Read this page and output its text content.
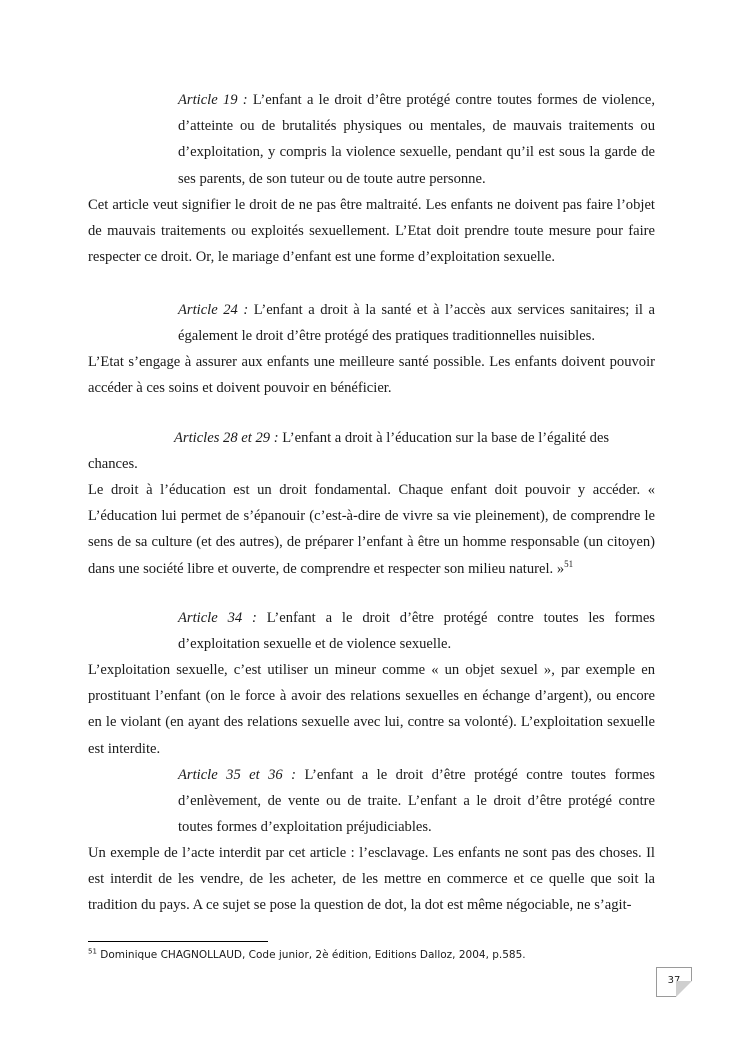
Article 19 : L’enfant a le droit d’être protégé contre toutes formes de violence, d’atteinte ou de brutalités physiques ou mentales, de mauvais traitements ou d’exploitation, y compris la violence sexuelle, pendant qu’il est sous la garde de ses parents, de son tuteur ou de toute autre personne.

Cet article veut signifier le droit de ne pas être maltraité. Les enfants ne doivent pas faire l’objet de mauvais traitements ou exploités sexuellement. L’Etat doit prendre toute mesure pour faire respecter ce droit. Or, le mariage d’enfant est une forme d’exploitation sexuelle.

Article 24 : L’enfant a droit à la santé et à l’accès aux services sanitaires; il a également le droit d’être protégé des pratiques traditionnelles nuisibles.

L’Etat s’engage à assurer aux enfants une meilleure santé possible. Les enfants doivent pouvoir accéder à ces soins et doivent pouvoir en bénéficier.

Articles 28 et 29 : L’enfant a droit à l’éducation sur la base de l’égalité des

chances.

Le droit à l’éducation est un droit fondamental. Chaque enfant doit pouvoir y accéder. « L’éducation lui permet de s’épanouir (c’est-à-dire de vivre sa vie pleinement), de comprendre le sens de sa culture (et des autres), de préparer l’enfant à être un homme responsable (un citoyen) dans une société libre et ouverte, de comprendre et respecter son milieu naturel. »$^{51}$

Article 34 : L’enfant a le droit d’être protégé contre toutes les formes d’exploitation sexuelle et de violence sexuelle.

L’exploitation sexuelle, c’est utiliser un mineur comme « un objet sexuel », par exemple en prostituant l’enfant (on le force à avoir des relations sexuelles en échange d’argent), ou encore en le violant (en ayant des relations sexuelle avec lui, contre sa volonté). L’exploitation sexuelle est interdite.

Article 35 et 36 : L’enfant a le droit d’être protégé contre toutes formes d’enlèvement, de vente ou de traite. L’enfant a le droit d’être protégé contre toutes formes d’exploitation préjudiciables.

Un exemple de l’acte interdit par cet article : l’esclavage. Les enfants ne sont pas des choses. Il est interdit de les vendre, de les acheter, de les mettre en commerce et ce quelle que soit la tradition du pays. A ce sujet se pose la question de dot, la dot est même négociable, ne s’agit-

$^{51}$ Dominique CHAGNOLLAUD, Code junior, 2è édition, Editions Dalloz, 2004, p.585.

37
